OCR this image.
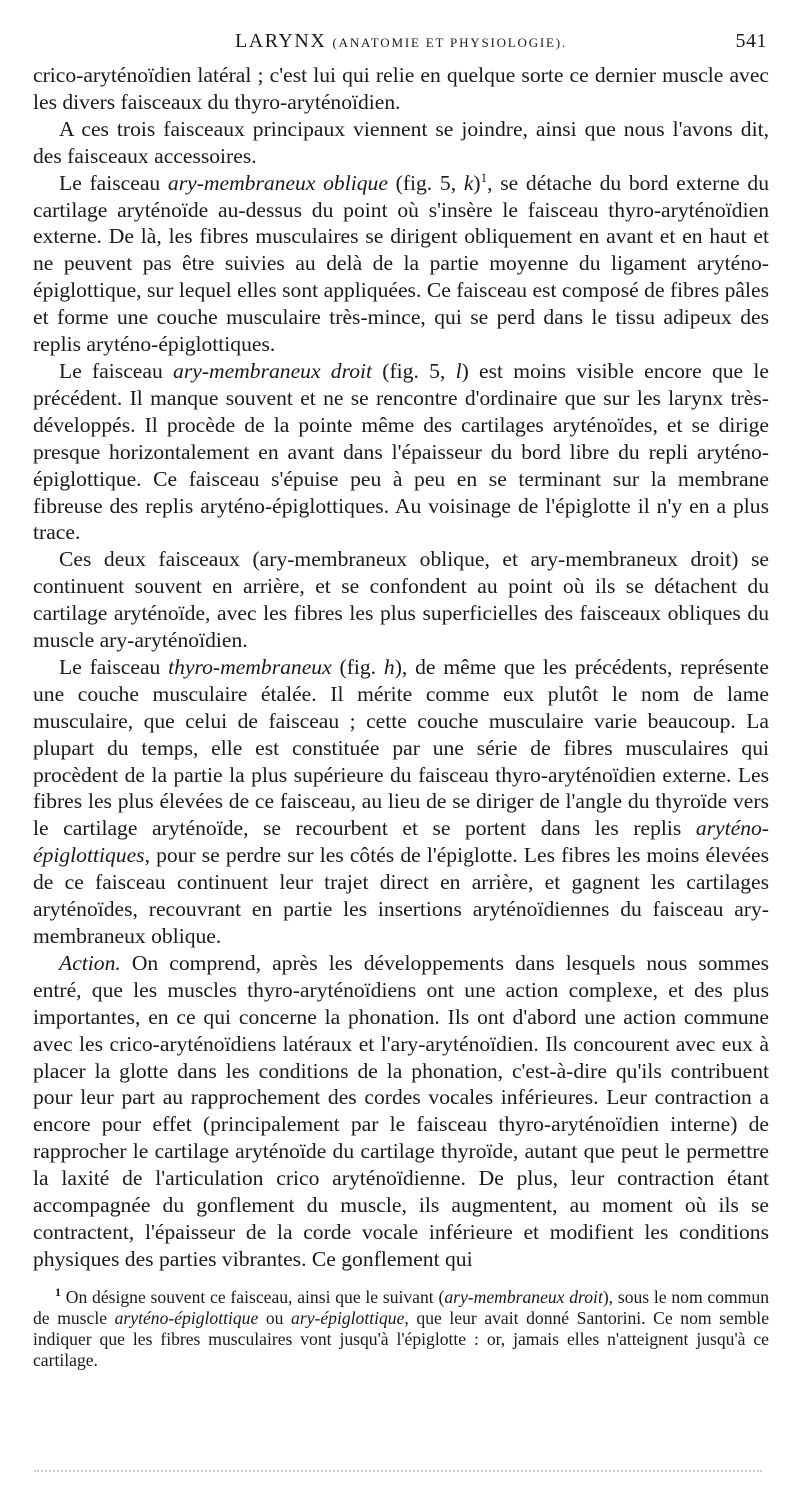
LARYNX (ANATOMIE ET PHYSIOLOGIE).	541

crico-aryténoïdien latéral ; c'est lui qui relie en quelque sorte ce dernier muscle avec les divers faisceaux du thyro-aryténoïdien.

A ces trois faisceaux principaux viennent se joindre, ainsi que nous l'avons dit, des faisceaux accessoires.

Le faisceau ary-membraneux oblique (fig. 5, k)$^1$, se détache du bord externe du cartilage aryténoïde au-dessus du point où s'insère le faisceau thyro-aryténoïdien externe. De là, les fibres musculaires se dirigent obliquement en avant et en haut et ne peuvent pas être suivies au delà de la partie moyenne du ligament aryténo-épiglottique, sur lequel elles sont appliquées. Ce faisceau est composé de fibres pâles et forme une couche musculaire très-mince, qui se perd dans le tissu adipeux des replis aryténo-épiglottiques.

Le faisceau ary-membraneux droit (fig. 5, l) est moins visible encore que le précédent. Il manque souvent et ne se rencontre d'ordinaire que sur les larynx très-développés. Il procède de la pointe même des cartilages aryténoïdes, et se dirige presque horizontalement en avant dans l'épaisseur du bord libre du repli aryténo-épiglottique. Ce faisceau s'épuise peu à peu en se terminant sur la membrane fibreuse des replis aryténo-épiglottiques. Au voisinage de l'épiglotte il n'y en a plus trace.

Ces deux faisceaux (ary-membraneux oblique, et ary-membraneux droit) se continuent souvent en arrière, et se confondent au point où ils se détachent du cartilage aryténoïde, avec les fibres les plus superficielles des faisceaux obliques du muscle ary-aryténoïdien.

Le faisceau thyro-membraneux (fig. h), de même que les précédents, représente une couche musculaire étalée. Il mérite comme eux plutôt le nom de lame musculaire, que celui de faisceau ; cette couche musculaire varie beaucoup. La plupart du temps, elle est constituée par une série de fibres musculaires qui procèdent de la partie la plus supérieure du faisceau thyro-aryténoïdien externe. Les fibres les plus élevées de ce faisceau, au lieu de se diriger de l'angle du thyroïde vers le cartilage aryténoïde, se recourbent et se portent dans les replis aryténo-épiglottiques, pour se perdre sur les côtés de l'épiglotte. Les fibres les moins élevées de ce faisceau continuent leur trajet direct en arrière, et gagnent les cartilages aryténoïdes, recouvrant en partie les insertions aryténoïdiennes du faisceau ary-membraneux oblique.

Action. On comprend, après les développements dans lesquels nous sommes entré, que les muscles thyro-aryténoïdiens ont une action complexe, et des plus importantes, en ce qui concerne la phonation. Ils ont d'abord une action commune avec les crico-aryténoïdiens latéraux et l'ary-aryténoïdien. Ils concourent avec eux à placer la glotte dans les conditions de la phonation, c'est-à-dire qu'ils contribuent pour leur part au rapprochement des cordes vocales inférieures. Leur contraction a encore pour effet (principalement par le faisceau thyro-aryténoïdien interne) de rapprocher le cartilage aryténoïde du cartilage thyroïde, autant que peut le permettre la laxité de l'articulation crico aryténoïdienne. De plus, leur contraction étant accompagnée du gonflement du muscle, ils augmentent, au moment où ils se contractent, l'épaisseur de la corde vocale inférieure et modifient les conditions physiques des parties vibrantes. Ce gonflement qui

$^1$ On désigne souvent ce faisceau, ainsi que le suivant (ary-membraneux droit), sous le nom commun de muscle aryténo-épiglottique ou ary-épiglottique, que leur avait donné Santorini. Ce nom semble indiquer que les fibres musculaires vont jusqu'à l'épiglotte : or, jamais elles n'atteignent jusqu'à ce cartilage.
